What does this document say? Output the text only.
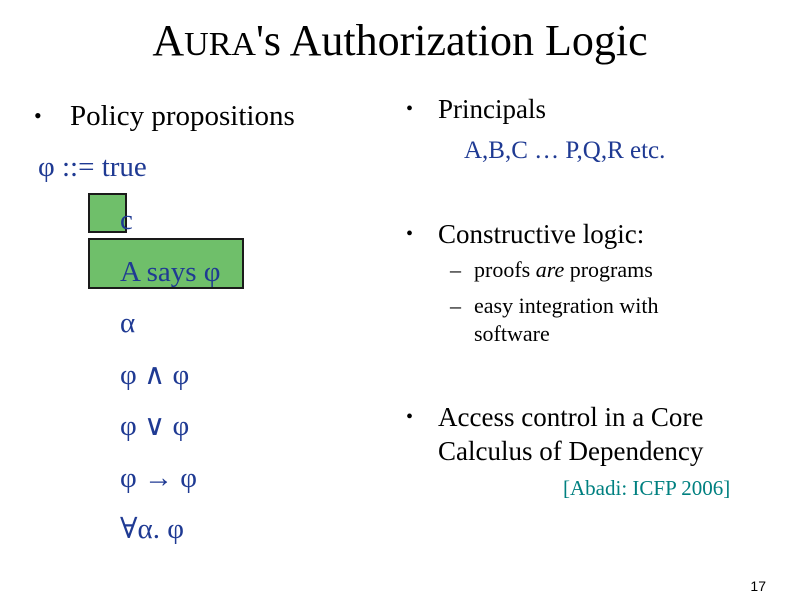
AURA's Authorization Logic
• Policy propositions
φ ::= true
c
A says φ
α
φ ∧ φ
φ ∨ φ
φ → φ
∀α. φ
• Principals
A,B,C … P,Q,R etc.
• Constructive logic:
– proofs are programs
– easy integration with
software
• Access control in a Core
Calculus of Dependency
[Abadi: ICFP 2006]
17
